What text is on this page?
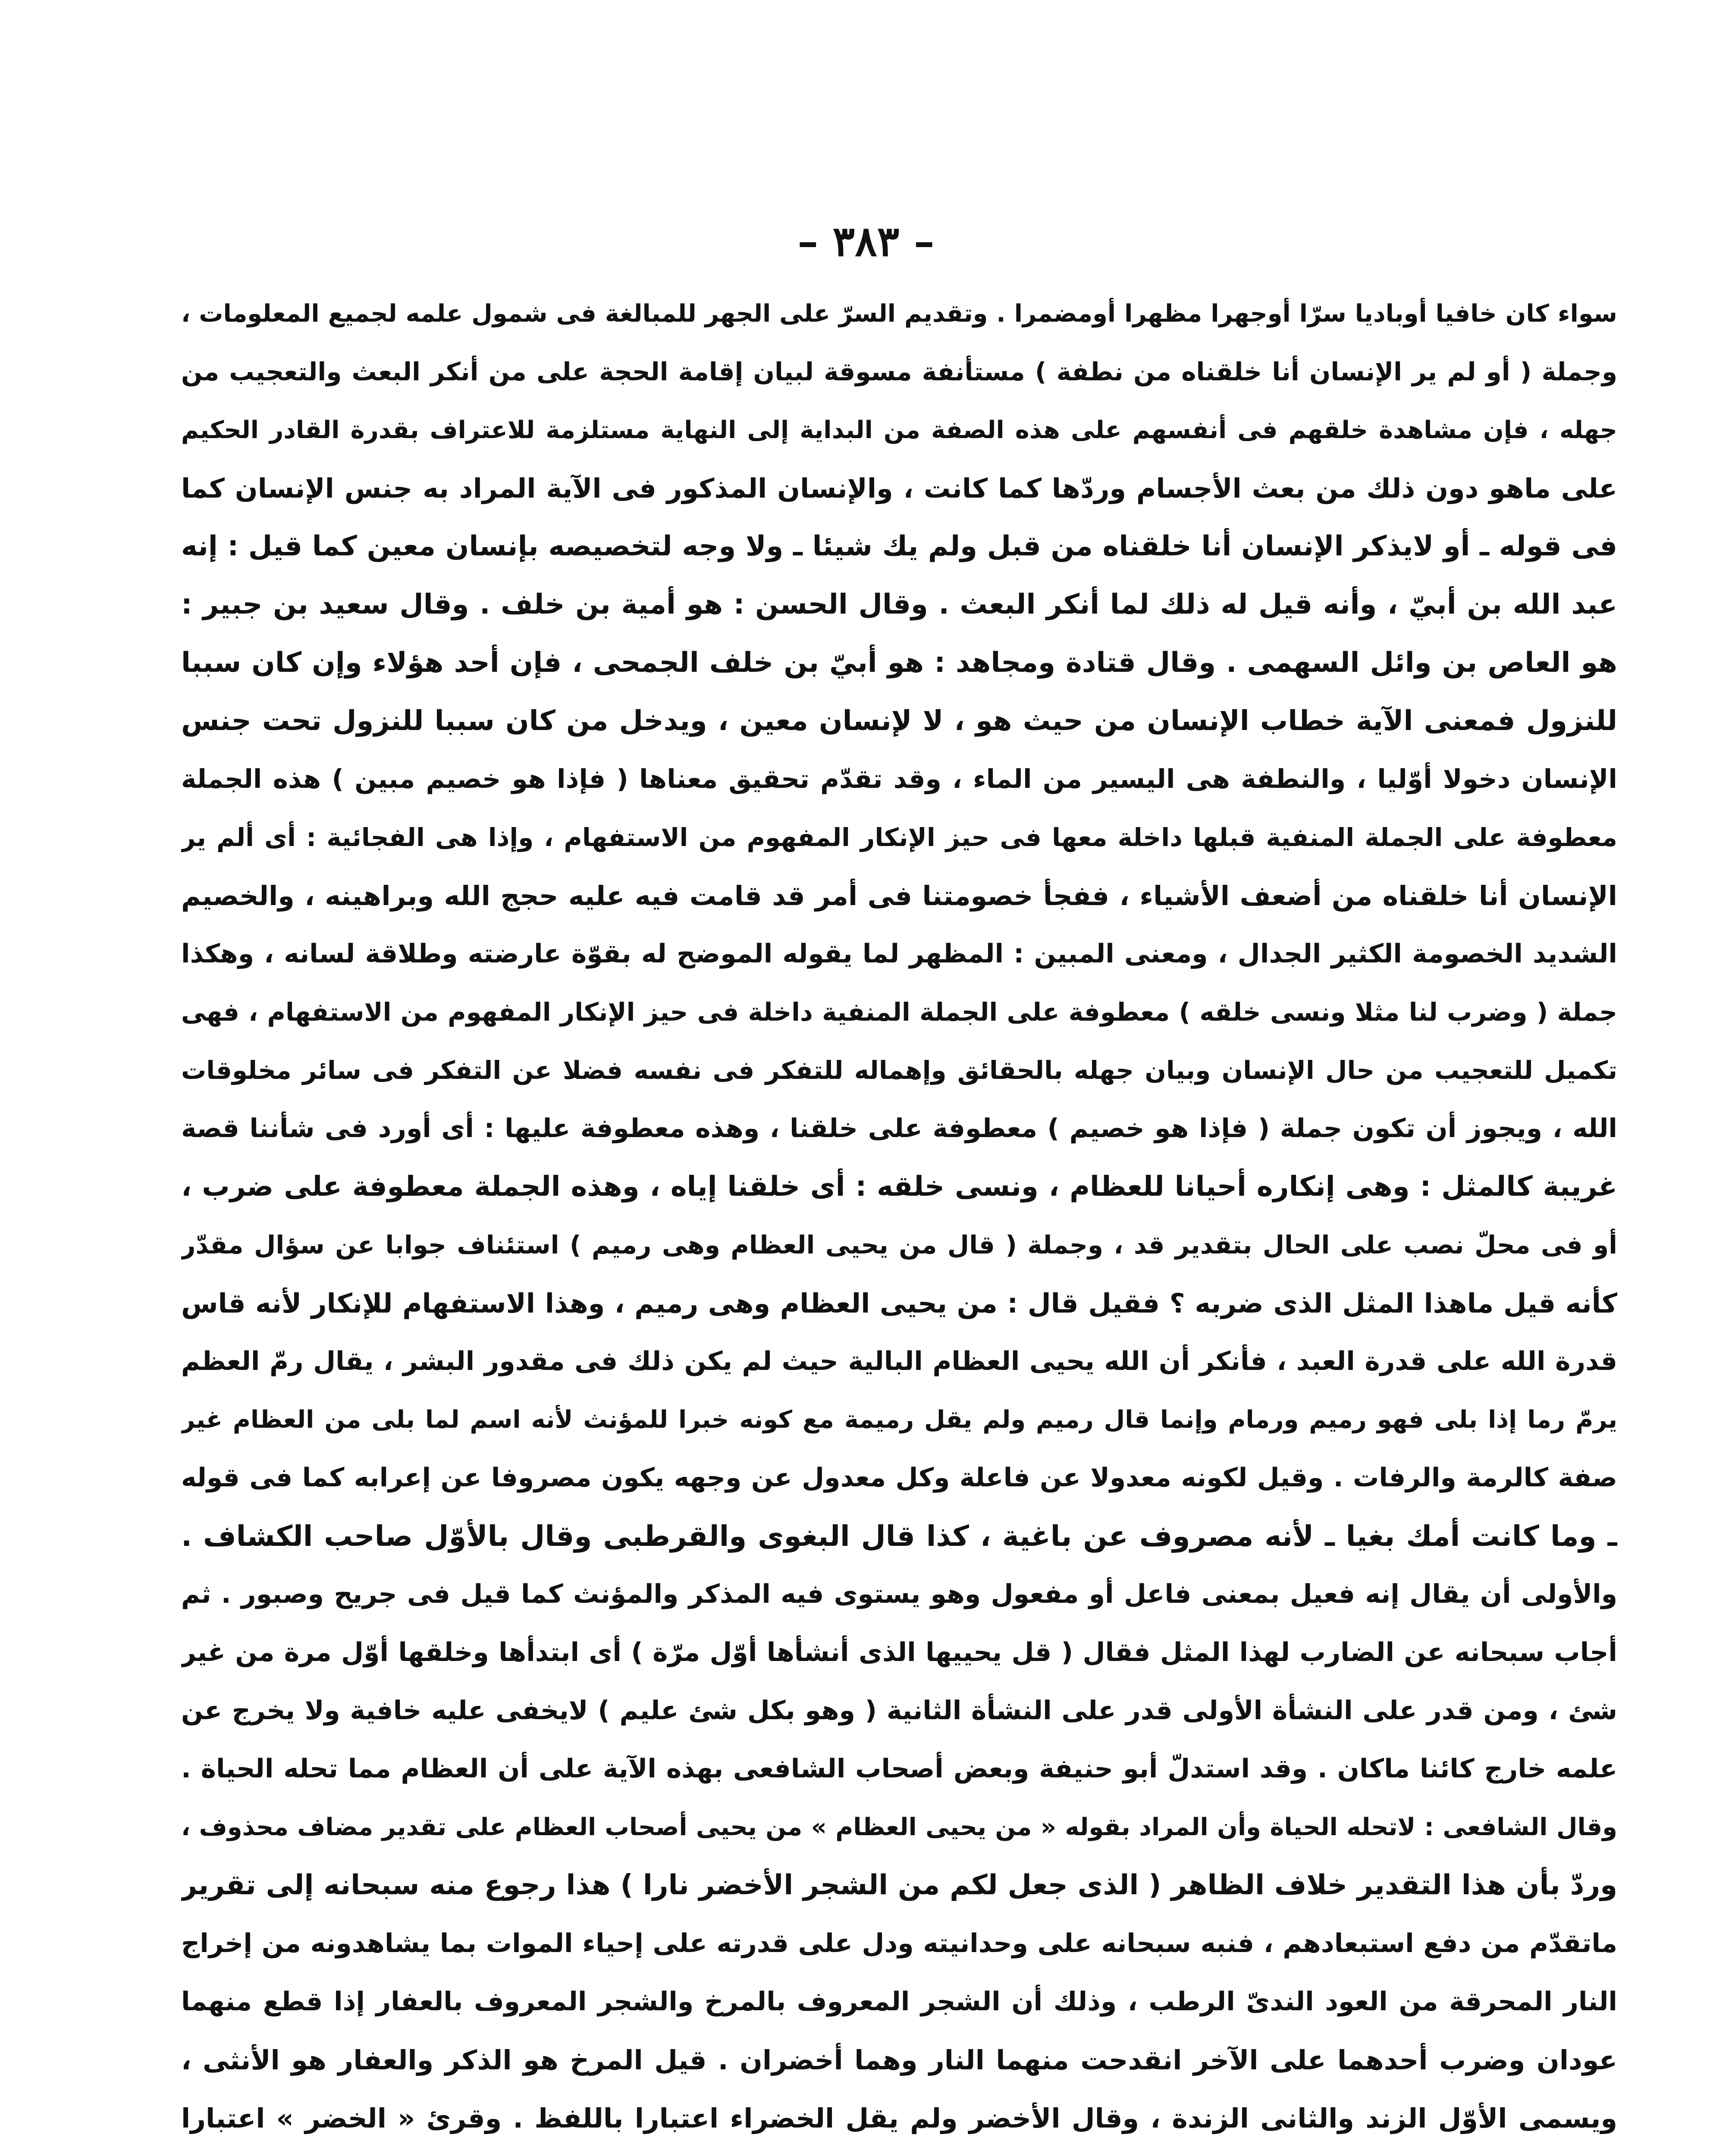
– ٣٨٣ –
سواء كان خافيا أوباديا سرّا أوجهرا مظهرا أومضمرا . وتقديم السرّ على الجهر للمبالغة فى شمول علمه لجميع المعلومات ،
وجملة ( أو لم ير الإنسان أنا خلقناه من نطفة ) مستأنفة مسوقة لبيان إقامة الحجة على من أنكر البعث والتعجيب من
جهله ، فإن مشاهدة خلقهم فى أنفسهم على هذه الصفة من البداية إلى النهاية مستلزمة للاعتراف بقدرة القادر الحكيم
على ماهو دون ذلك من بعث الأجسام وردّها كما كانت ، والإنسان المذكور فى الآية المراد به جنس الإنسان كما
فى قوله ـ أو لايذكر الإنسان أنا خلقناه من قبل ولم يك شيئا ـ ولا وجه لتخصيصه بإنسان معين كما قيل : إنه
عبد الله بن أبيّ ، وأنه قيل له ذلك لما أنكر البعث . وقال الحسن : هو أمية بن خلف . وقال سعيد بن جبير :
هو العاص بن وائل السهمى . وقال قتادة ومجاهد : هو أبيّ بن خلف الجمحى ، فإن أحد هؤلاء وإن كان سببا
للنزول فمعنى الآية خطاب الإنسان من حيث هو ، لا لإنسان معين ، ويدخل من كان سببا للنزول تحت جنس
الإنسان دخولا أوّليا ، والنطفة هى اليسير من الماء ، وقد تقدّم تحقيق معناها ( فإذا هو خصيم مبين ) هذه الجملة
معطوفة على الجملة المنفية قبلها داخلة معها فى حيز الإنكار المفهوم من الاستفهام ، وإذا هى الفجائية : أى ألم ير
الإنسان أنا خلقناه من أضعف الأشياء ، ففجأ خصومتنا فى أمر قد قامت فيه عليه حجج الله وبراهينه ، والخصيم
الشديد الخصومة الكثير الجدال ، ومعنى المبين : المظهر لما يقوله الموضح له بقوّة عارضته وطلاقة لسانه ، وهكذا
جملة ( وضرب لنا مثلا ونسى خلقه ) معطوفة على الجملة المنفية داخلة فى حيز الإنكار المفهوم من الاستفهام ، فهى
تكميل للتعجيب من حال الإنسان وبيان جهله بالحقائق وإهماله للتفكر فى نفسه فضلا عن التفكر فى سائر مخلوقات
الله ، ويجوز أن تكون جملة ( فإذا هو خصيم ) معطوفة على خلقنا ، وهذه معطوفة عليها : أى أورد فى شأننا قصة
غريبة كالمثل : وهى إنكاره أحيانا للعظام ، ونسى خلقه : أى خلقنا إياه ، وهذه الجملة معطوفة على ضرب ،
أو فى محلّ نصب على الحال بتقدير قد ، وجملة ( قال من يحيى العظام وهى رميم ) استئناف جوابا عن سؤال مقدّر
كأنه قيل ماهذا المثل الذى ضربه ؟ فقيل قال : من يحيى العظام وهى رميم ، وهذا الاستفهام للإنكار لأنه قاس
قدرة الله على قدرة العبد ، فأنكر أن الله يحيى العظام البالية حيث لم يكن ذلك فى مقدور البشر ، يقال رمّ العظم
يرمّ رما إذا بلى فهو رميم ورمام وإنما قال رميم ولم يقل رميمة مع كونه خبرا للمؤنث لأنه اسم لما بلى من العظام غير
صفة كالرمة والرفات . وقيل لكونه معدولا عن فاعلة وكل معدول عن وجهه يكون مصروفا عن إعرابه كما فى قوله
ـ وما كانت أمك بغيا ـ لأنه مصروف عن باغية ، كذا قال البغوى والقرطبى وقال بالأوّل صاحب الكشاف .
والأولى أن يقال إنه فعيل بمعنى فاعل أو مفعول وهو يستوى فيه المذكر والمؤنث كما قيل فى جريح وصبور . ثم
أجاب سبحانه عن الضارب لهذا المثل فقال ( قل يحييها الذى أنشأها أوّل مرّة ) أى ابتدأها وخلقها أوّل مرة من غير
شئ ، ومن قدر على النشأة الأولى قدر على النشأة الثانية ( وهو بكل شئ عليم ) لايخفى عليه خافية ولا يخرج عن
علمه خارج كائنا ماكان . وقد استدلّ أبو حنيفة وبعض أصحاب الشافعى بهذه الآية على أن العظام مما تحله الحياة .
وقال الشافعى : لاتحله الحياة وأن المراد بقوله « من يحيى العظام » من يحيى أصحاب العظام على تقدير مضاف محذوف ،
وردّ بأن هذا التقدير خلاف الظاهر ( الذى جعل لكم من الشجر الأخضر نارا ) هذا رجوع منه سبحانه إلى تقرير
ماتقدّم من دفع استبعادهم ، فنبه سبحانه على وحدانيته ودل على قدرته على إحياء الموات بما يشاهدونه من إخراج
النار المحرقة من العود الندىّ الرطب ، وذلك أن الشجر المعروف بالمرخ والشجر المعروف بالعفار إذا قطع منهما
عودان وضرب أحدهما على الآخر انقدحت منهما النار وهما أخضران . قيل المرخ هو الذكر والعفار هو الأنثى ،
ويسمى الأوّل الزند والثانى الزندة ، وقال الأخضر ولم يقل الخضراء اعتبارا باللفظ . وقرئ « الخضر » اعتبارا
